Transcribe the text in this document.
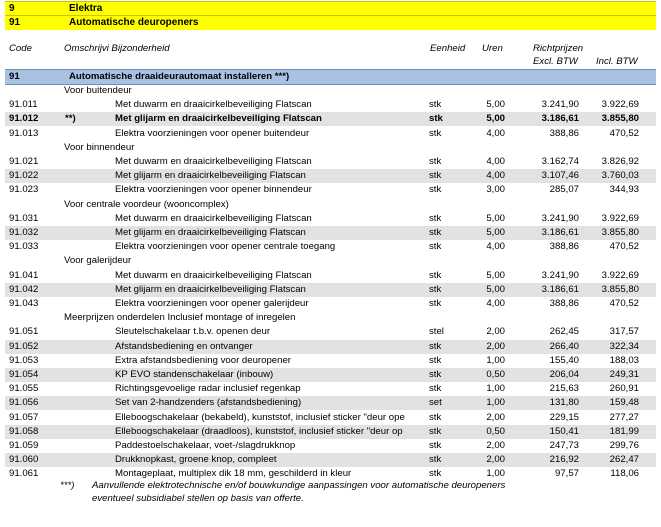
9	Elektra
91	Automatische deuropeners
Code	Omschrijvi Bijzonderheid	Eenheid Uren	Richtprijzen
Excl. BTW Incl. BTW
91	Automatische draaideurautomaat installeren ***)
Voor buitendeur
91.011	Met duwarm en draaicirkelbeveiliging Flatscan	stk	5,00	3.241,90	3.922,69
91.012	**)	Met glijarm en draaicirkelbeveiliging Flatscan	stk	5,00	3.186,61	3.855,80
91.013	Elektra voorzieningen voor opener buitendeur	stk	4,00	388,86	470,52
Voor binnendeur
91.021	Met duwarm en draaicirkelbeveiliging Flatscan	stk	4,00	3.162,74	3.826,92
91.022	Met glijarm en draaicirkelbeveiliging Flatscan	stk	4,00	3.107,46	3.760,03
91.023	Elektra voorzieningen voor opener binnendeur	stk	3,00	285,07	344,93
Voor centrale voordeur (wooncomplex)
91.031	Met duwarm en draaicirkelbeveiliging Flatscan	stk	5,00	3.241,90	3.922,69
91.032	Met glijarm en draaicirkelbeveiliging Flatscan	stk	5,00	3.186,61	3.855,80
91.033	Elektra voorzieningen voor opener centrale toegang	stk	4,00	388,86	470,52
Voor galerijdeur
91.041	Met duwarm en draaicirkelbeveiliging Flatscan	stk	5,00	3.241,90	3.922,69
91.042	Met glijarm en draaicirkelbeveiliging Flatscan	stk	5,00	3.186,61	3.855,80
91.043	Elektra voorzieningen voor opener galerijdeur	stk	4,00	388,86	470,52
Meerprijzen onderdelen Inclusief montage of inregelen
91.051	Sleutelschakelaar t.b.v. openen deur	stel	2,00	262,45	317,57
91.052	Afstandsbediening en ontvanger	stk	2,00	266,40	322,34
91.053	Extra afstandsbediening voor deuropener	stk	1,00	155,40	188,03
91.054	KP EVO standenschakelaar (inbouw)	stk	0,50	206,04	249,31
91.055	Richtingsgevoelige radar inclusief regenkap	stk	1,00	215,63	260,91
91.056	Set van 2-handzenders (afstandsbediening)	set	1,00	131,80	159,48
91.057	Elleboogschakelaar (bekabeld), kunststof, inclusief sticker "deur ope	stk	2,00	229,15	277,27
91.058	Elleboogschakelaar (draadloos), kunststof, inclusief sticker "deur op	stk	0,50	150,41	181,99
91.059	Paddestoelschakelaar, voet-/slagdrukknop	stk	2,00	247,73	299,76
91.060	Drukknopkast, groene knop, compleet	stk	2,00	216,92	262,47
91.061	Montageplaat, multiplex dik 18 mm, geschilderd in kleur	stk	1,00	97,57	118,06
***) Aanvullende elektrotechnische en/of bouwkundige aanpassingen voor automatische deuropeners
eventueel subsidiabel stellen op basis van offerte.
